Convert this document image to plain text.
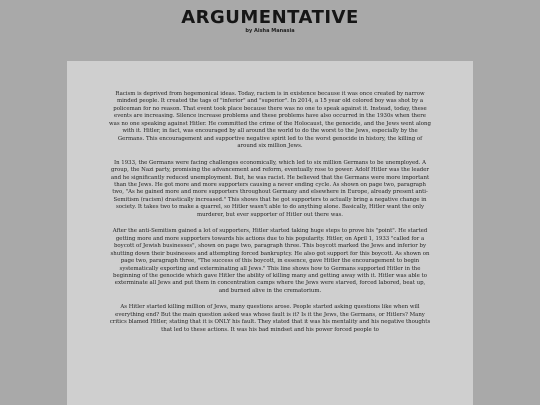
ARGUMENTATIVE
by Aisha Manasia

Racism is deprived from hegemonical ideas. Today, racism is in existence because it was once created by narrow minded people. It created the tags of "inferior" and "superior". In 2014, a 15 year old colored boy was shot by a policeman for no reason. That event took place because there was no one to speak against it. Instead, today, these events are increasing. Silence increase problems and these problems have also occurred in the 1930s when there was no one speaking against Hitler. He committed the crime of the Holocaust, the genocide, and the Jews went along with it. Hitler, in fact, was encouraged by all around the world to do the worst to the Jews, especially by the Germans. This encouragement and supportive negative spirit led to the worst genocide in history, the killing of around six million Jews.

In 1933, the Germans were facing challenges economically, which led to six million Germans to be unemployed. A group, the Nazi party, promising the advancement and reform, eventually rose to power. Adolf Hitler was the leader and he significantly reduced unemployment. But, he was racist. He believed that the Germans were more important than the Jews. He got more and more supporters causing a never ending cycle. As shown on page two, paragraph two, "As he gained more and more supporters throughout Germany and elsewhere in Europe, already present anti-Semitism (racism) drastically increased." This shows that he got supporters to actually bring a negative change in society. It takes two to make a quarrel, so Hitler wasn't able to do anything alone. Basically, Hitler want the only murderer, but ever supporter of Hitler out there was.

After the anti-Semitism gained a lot of supporters, Hitler started taking huge steps to prove his "point". He started getting more and more supporters towards his actions due to his popularity. Hitler, on April 1, 1933 "called for a boycott of Jewish businesses", shown on page two, paragraph three. This boycott marked the Jews and inferior by shutting down their businesses and attempting forced bankruptcy. He also got support for this boycott. As shown on page two, paragraph three, "The success of this boycott, in essence, gave Hitler the encouragement to begin systematically exporting and exterminating all Jews." This line shows how to Germans supported Hitler in the beginning of the genocide which gave Hitler the ability of killing many and getting away with it. Hitler was able to exterminate all Jews and put them in concentration camps where the Jews were starved, forced labored, beat up, and burned alive in the crematorium.

As Hitler started killing million of Jews, many questions arose. People started asking questions like when will everything end? But the main question asked was whose fault is it? Is it the Jews, the Germans, or Hitlers? Many critics blamed Hitler, stating that it is ONLY his fault. They stated that it was his mentality and his negative thoughts that led to these actions. It was his bad mindset and his power forced people to
